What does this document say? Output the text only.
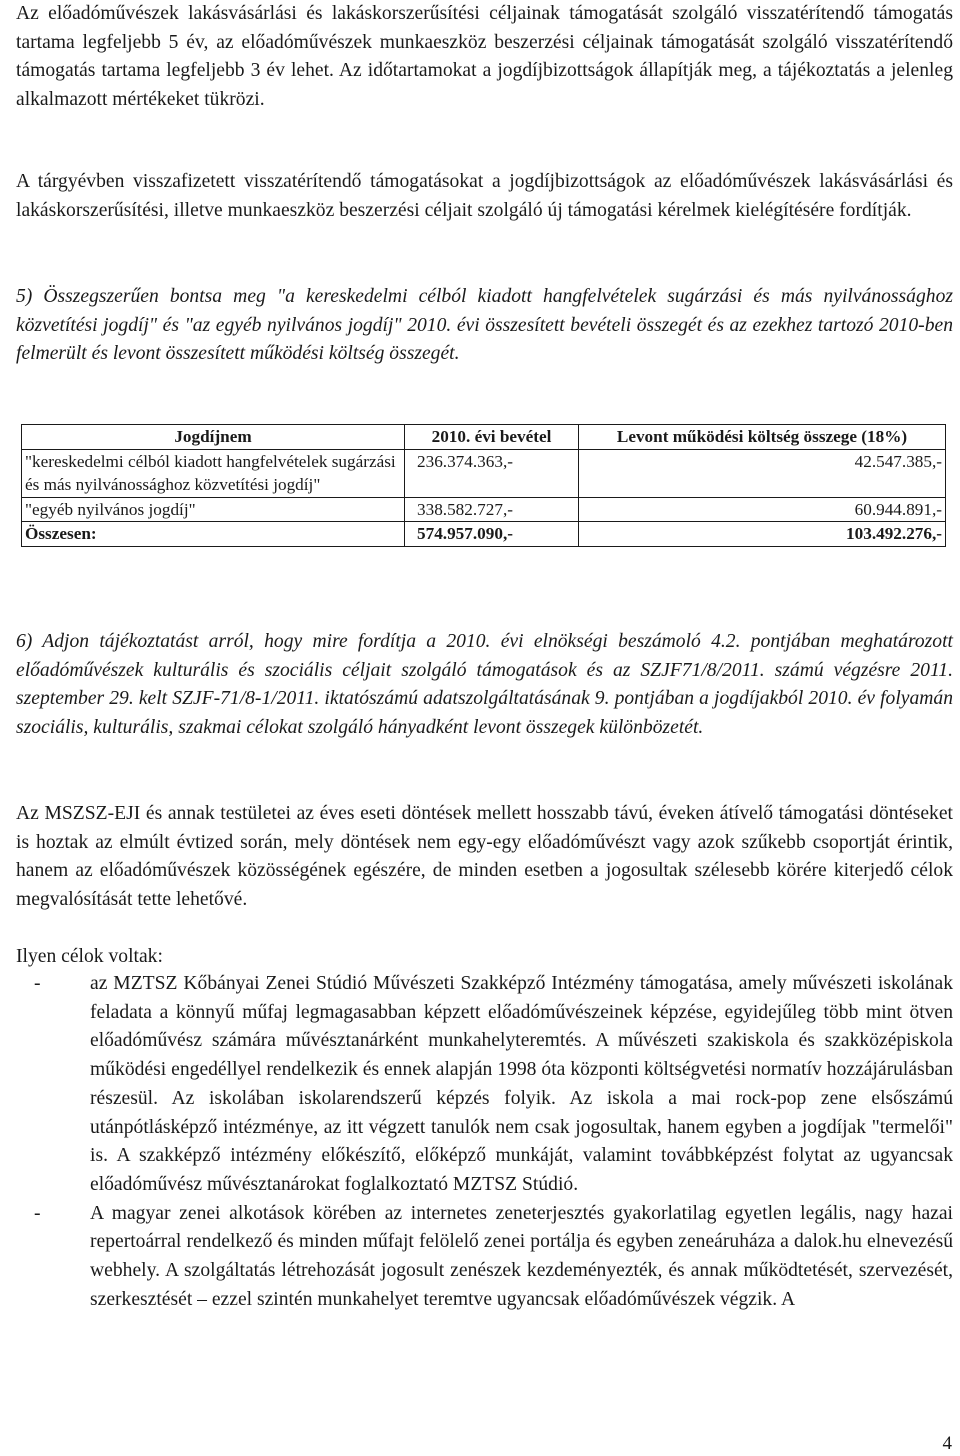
Az előadóművészek lakásvásárlási és lakáskorszerűsítési céljainak támogatását szolgáló visszatérítendő támogatás tartama legfeljebb 5 év, az előadóművészek munkaeszköz beszerzési céljainak támogatását szolgáló visszatérítendő támogatás tartama legfeljebb 3 év lehet. Az időtartamokat a jogdíjbizottságok állapítják meg, a tájékoztatás a jelenleg alkalmazott mértékeket tükrözi.

A tárgyévben visszafizetett visszatérítendő támogatásokat a jogdíjbizottságok az előadóművészek lakásvásárlási és lakáskorszerűsítési, illetve munkaeszköz beszerzési céljait szolgáló új támogatási kérelmek kielégítésére fordítják.

5) Összegszerűen bontsa meg "a kereskedelmi célból kiadott hangfelvételek sugárzási és más nyilvánossághoz közvetítési jogdíj" és "az egyéb nyilvános jogdíj" 2010. évi összesített bevételi összegét és az ezekhez tartozó 2010-ben felmerült és levont összesített működési költség összegét.

Jogdíjnem	2010. évi bevétel	Levont működési költség összege (18%)
"kereskedelmi célból kiadott hangfelvételek sugárzási és más nyilvánossághoz közvetítési jogdíj"	236.374.363,-	42.547.385,-
"egyéb nyilvános jogdíj"	338.582.727,-	60.944.891,-
Összesen:	574.957.090,-	103.492.276,-

6) Adjon tájékoztatást arról, hogy mire fordítja a 2010. évi elnökségi beszámoló 4.2. pontjában meghatározott előadóművészek kulturális és szociális céljait szolgáló támogatások és az SZJF71/8/2011. számú végzésre 2011. szeptember 29. kelt SZJF-71/8-1/2011. iktatószámú adatszolgáltatásának 9. pontjában a jogdíjakból 2010. év folyamán szociális, kulturális, szakmai célokat szolgáló hányadként levont összegek különbözetét.

Az MSZSZ-EJI és annak testületei az éves eseti döntések mellett hosszabb távú, éveken átívelő támogatási döntéseket is hoztak az elmúlt évtized során, mely döntések nem egy-egy előadóművészt vagy azok szűkebb csoportját érintik, hanem az előadóművészek közösségének egészére, de minden esetben a jogosultak szélesebb körére kiterjedő célok megvalósítását tette lehetővé.

Ilyen célok voltak:
-	az MZTSZ Kőbányai Zenei Stúdió Művészeti Szakképző Intézmény támogatása, amely művészeti iskolának feladata a könnyű műfaj legmagasabban képzett előadóművészeinek képzése, egyidejűleg több mint ötven előadóművész számára művésztanárként munkahelyteremtés. A művészeti szakiskola és szakközépiskola működési engedéllyel rendelkezik és ennek alapján 1998 óta központi költségvetési normatív hozzájárulásban részesül. Az iskolában iskolarendszerű képzés folyik. Az iskola a mai rock-pop zene elsőszámú utánpótlásképző intézménye, az itt végzett tanulók nem csak jogosultak, hanem egyben a jogdíjak "termelői" is. A szakképző intézmény előkészítő, előképző munkáját, valamint továbbképzést folytat az ugyancsak előadóművész művésztanárokat foglalkoztató MZTSZ Stúdió.
-	A magyar zenei alkotások körében az internetes zeneterjesztés gyakorlatilag egyetlen legális, nagy hazai repertoárral rendelkező és minden műfajt felölelő zenei portálja és egyben zeneáruháza a dalok.hu elnevezésű webhely. A szolgáltatás létrehozását jogosult zenészek kezdeményezték, és annak működtetését, szervezését, szerkesztését – ezzel szintén munkahelyet teremtve ugyancsak előadóművészek végzik. A
4
